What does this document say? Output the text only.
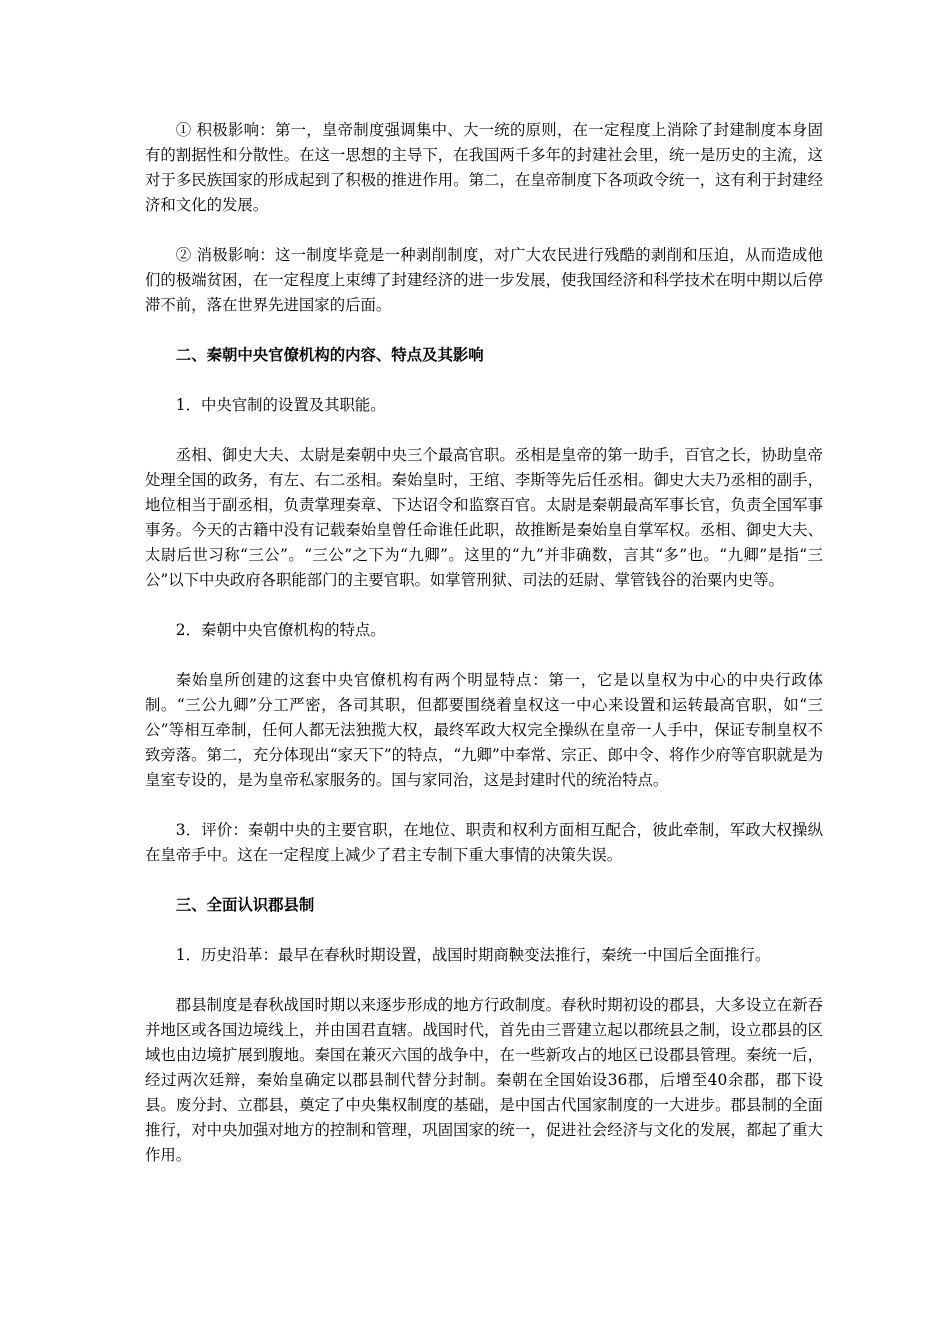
① 积极影响：第一，皇帝制度强调集中、大一统的原则，在一定程度上消除了封建制度本身固有的割据性和分散性。在这一思想的主导下，在我国两千多年的封建社会里，统一是历史的主流，这对于多民族国家的形成起到了积极的推进作用。第二，在皇帝制度下各项政令统一，这有利于封建经济和文化的发展。

② 消极影响：这一制度毕竟是一种剥削制度，对广大农民进行残酷的剥削和压迫，从而造成他们的极端贫困，在一定程度上束缚了封建经济的进一步发展，使我国经济和科学技术在明中期以后停滞不前，落在世界先进国家的后面。

二、秦朝中央官僚机构的内容、特点及其影响

1．中央官制的设置及其职能。

丞相、御史大夫、太尉是秦朝中央三个最高官职。丞相是皇帝的第一助手，百官之长，协助皇帝处理全国的政务，有左、右二丞相。秦始皇时，王绾、李斯等先后任丞相。御史大夫乃丞相的副手，地位相当于副丞相，负责掌理奏章、下达诏令和监察百官。太尉是秦朝最高军事长官，负责全国军事事务。今天的古籍中没有记载秦始皇曾任命谁任此职，故推断是秦始皇自掌军权。丞相、御史大夫、太尉后世习称“三公”。“三公”之下为“九卿”。这里的“九”并非确数，言其“多”也。“九卿”是指“三公”以下中央政府各职能部门的主要官职。如掌管刑狱、司法的廷尉、掌管钱谷的治粟内史等。

2．秦朝中央官僚机构的特点。

秦始皇所创建的这套中央官僚机构有两个明显特点：第一，它是以皇权为中心的中央行政体制。“三公九卿”分工严密，各司其职，但都要围绕着皇权这一中心来设置和运转最高官职，如“三公”等相互牵制，任何人都无法独揽大权，最终军政大权完全操纵在皇帝一人手中，保证专制皇权不致旁落。第二，充分体现出“家天下”的特点，“九卿”中奉常、宗正、郎中令、将作少府等官职就是为皇室专设的，是为皇帝私家服务的。国与家同治，这是封建时代的统治特点。

3．评价：秦朝中央的主要官职，在地位、职责和权利方面相互配合，彼此牵制，军政大权操纵在皇帝手中。这在一定程度上减少了君主专制下重大事情的决策失误。

三、全面认识郡县制

1．历史沿革：最早在春秋时期设置，战国时期商鞅变法推行，秦统一中国后全面推行。

郡县制度是春秋战国时期以来逐步形成的地方行政制度。春秋时期初设的郡县，大多设立在新吞并地区或各国边境线上，并由国君直辖。战国时代，首先由三晋建立起以郡统县之制，设立郡县的区域也由边境扩展到腹地。秦国在兼灭六国的战争中，在一些新攻占的地区已设郡县管理。秦统一后，经过两次廷辩，秦始皇确定以郡县制代替分封制。秦朝在全国始设36郡，后增至40余郡，郡下设县。废分封、立郡县，奠定了中央集权制度的基础，是中国古代国家制度的一大进步。郡县制的全面推行，对中央加强对地方的控制和管理，巩固国家的统一，促进社会经济与文化的发展，都起了重大作用。
